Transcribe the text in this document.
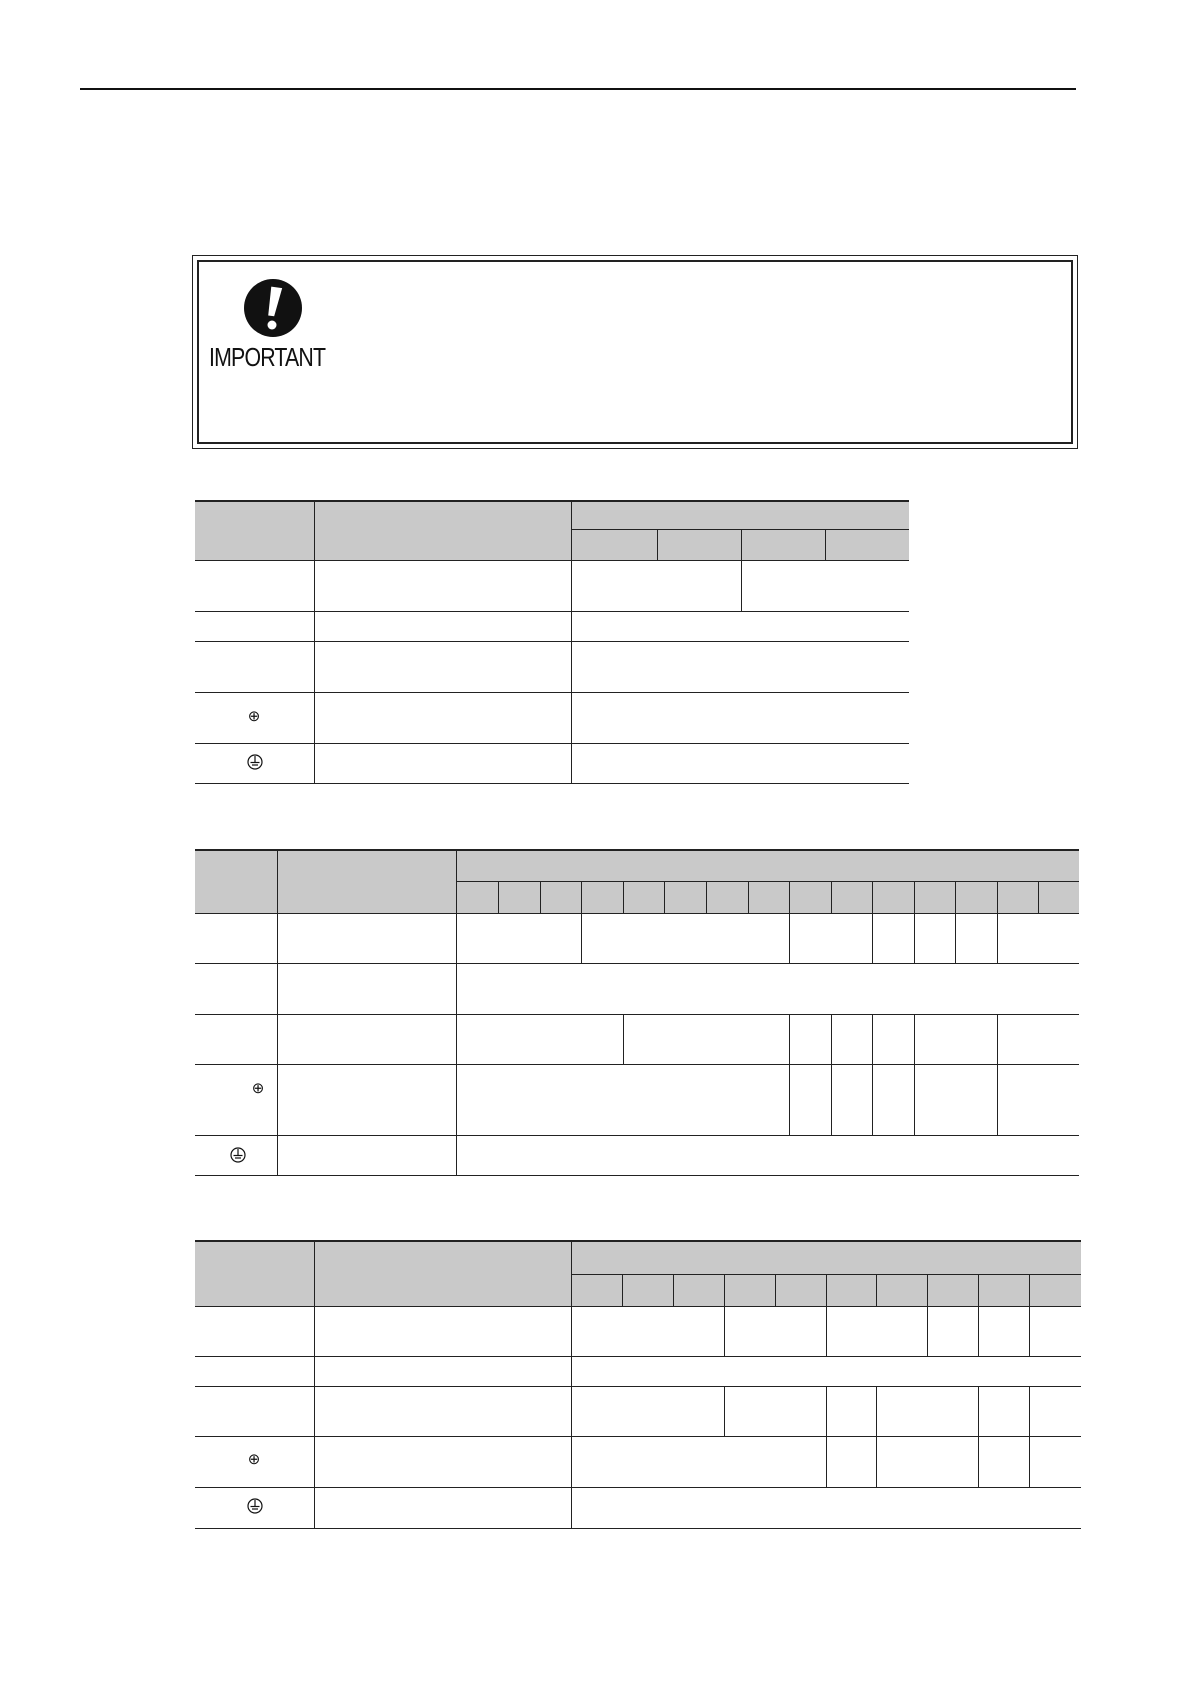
IMPORTANT
⊕
⊕
⊕
